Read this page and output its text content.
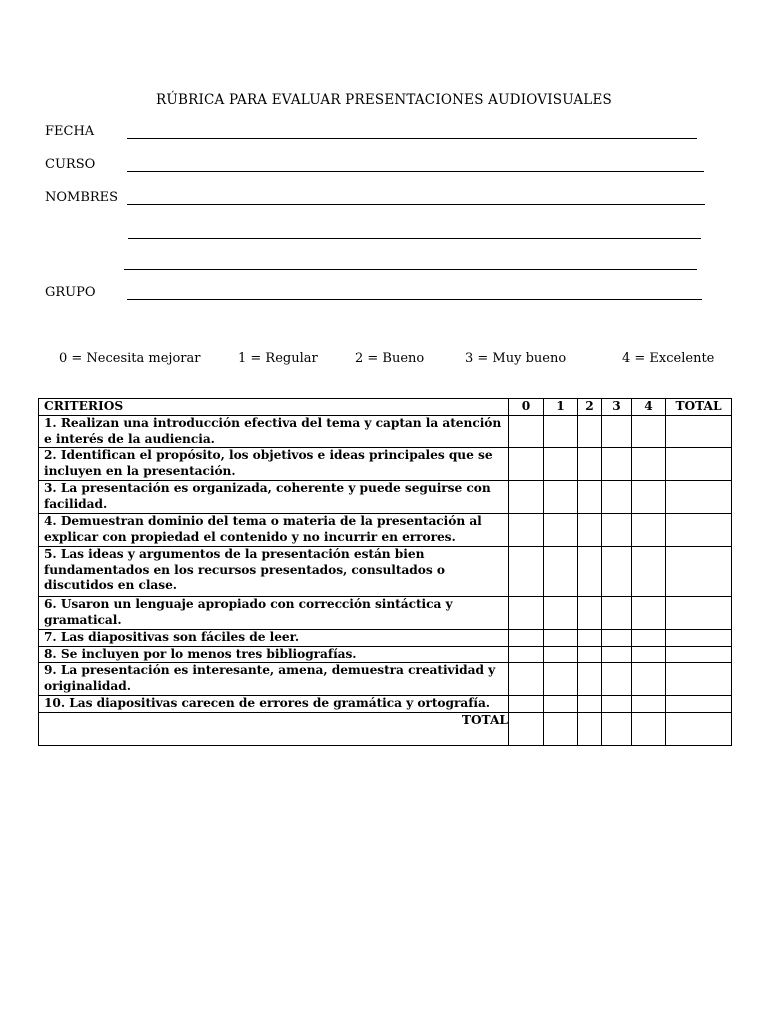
RÚBRICA PARA EVALUAR PRESENTACIONES AUDIOVISUALES
FECHA
CURSO
NOMBRES
GRUPO
0 = Necesita mejorar	1 = Regular	2 = Bueno	3 = Muy bueno	4 = Excelente
CRITERIOS	0	1	2	3	4	TOTAL
1. Realizan una introducción efectiva del tema y captan la atención e interés de la audiencia.						
2. Identifican el propósito, los objetivos e ideas principales que se incluyen en la presentación.						
3. La presentación es organizada, coherente y puede seguirse con facilidad.						
4. Demuestran dominio del tema o materia de la presentación al explicar con propiedad el contenido y no incurrir en errores.						
5. Las ideas y argumentos de la presentación están bien fundamentados en los recursos presentados, consultados o discutidos en clase.						
6. Usaron un lenguaje apropiado con corrección sintáctica y gramatical.						
7. Las diapositivas son fáciles de leer.						
8. Se incluyen por lo menos tres bibliografías.						
9. La presentación es interesante, amena, demuestra creatividad y originalidad.						
10. Las diapositivas carecen de errores de gramática y ortografía.						
TOTAL						
